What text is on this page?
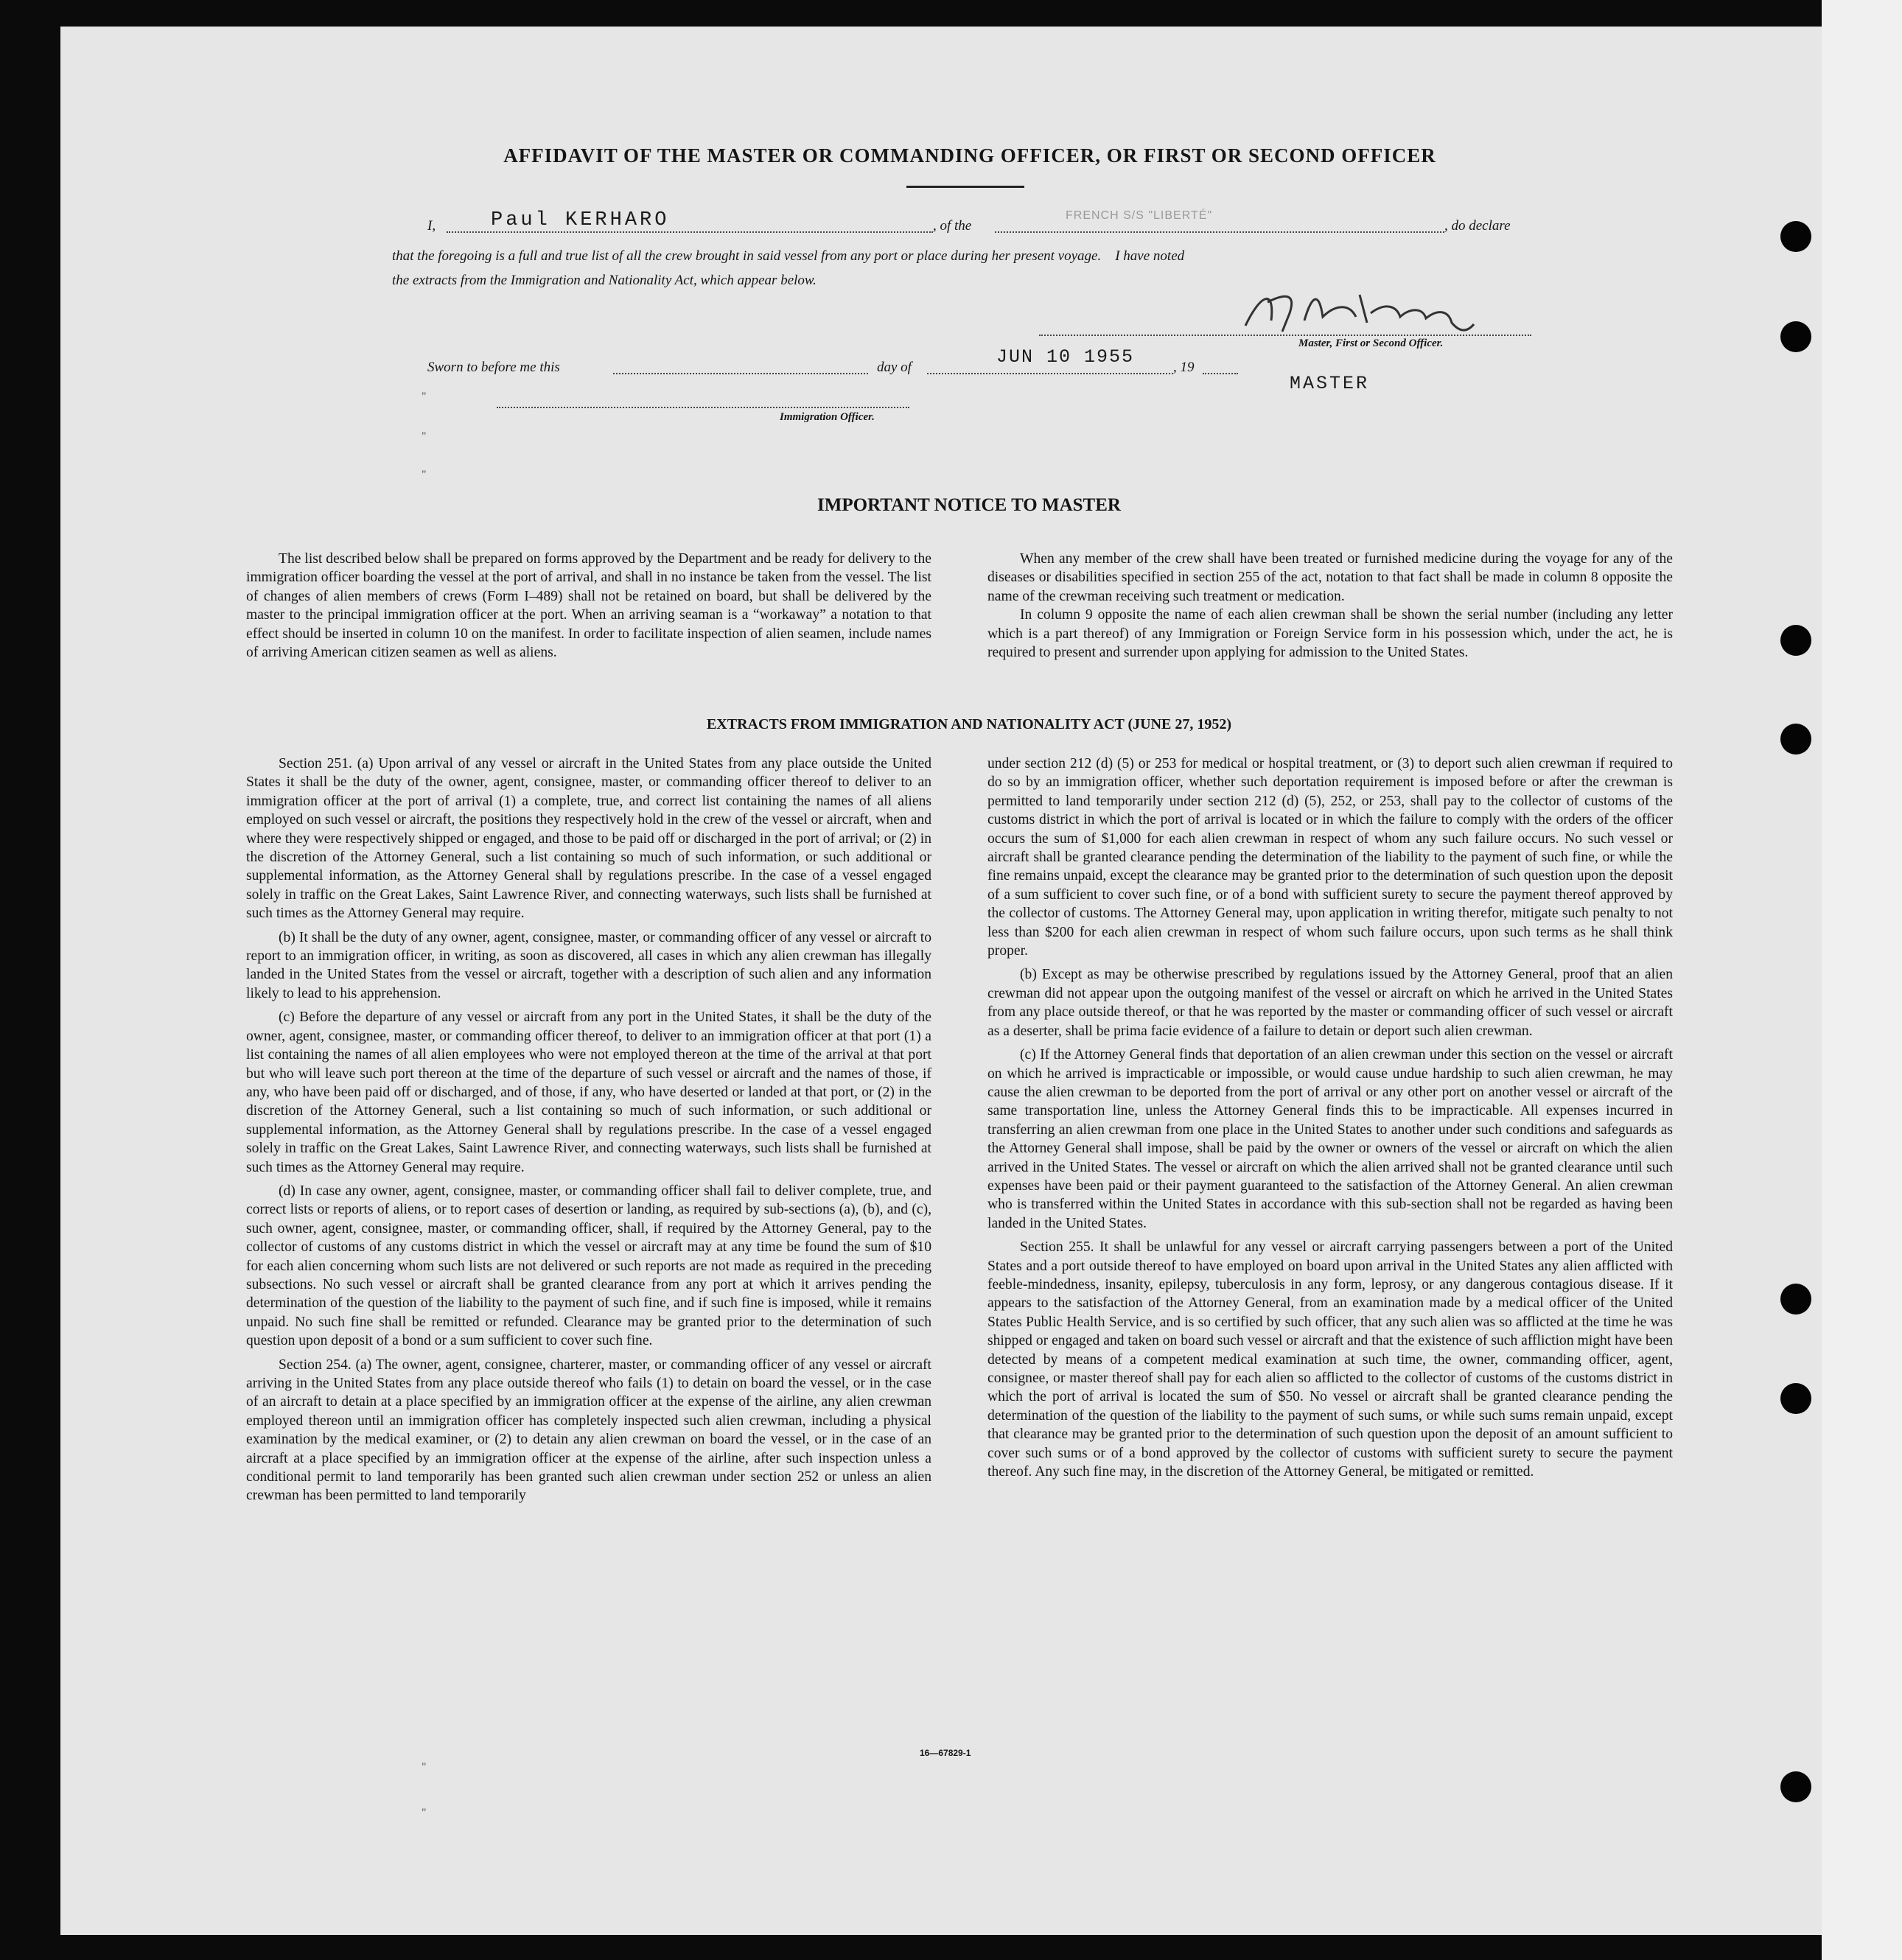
AFFIDAVIT OF THE MASTER OR COMMANDING OFFICER, OR FIRST OR SECOND OFFICER
I,	Paul KERHARO	, of the
FRENCH S/S "LIBERTÉ"
, do declare
that the foregoing is a full and true list of all the crew brought in said vessel from any port or place during her present voyage. I have noted
the extracts from the Immigration and Nationality Act, which appear below.
Master, First or Second Officer.
Sworn to before me this	day of	JUN 10 1955	, 19
MASTER
"
Immigration Officer.
"
"
IMPORTANT NOTICE TO MASTER

The list described below shall be prepared on forms approved by the Department and be ready for delivery to the immigration officer boarding the vessel at the port of arrival, and shall in no instance be taken from the vessel. The list of changes of alien members of crews (Form I–489) shall not be retained on board, but shall be delivered by the master to the principal immigration officer at the port. When an arriving seaman is a “workaway” a notation to that effect should be inserted in column 10 on the manifest. In order to facilitate inspection of alien seamen, include names of arriving American citizen seamen as well as aliens.

When any member of the crew shall have been treated or furnished medicine during the voyage for any of the diseases or disabilities specified in section 255 of the act, notation to that fact shall be made in column 8 opposite the name of the crewman receiving such treatment or medication.

In column 9 opposite the name of each alien crewman shall be shown the serial number (including any letter which is a part thereof) of any Immigration or Foreign Service form in his possession which, under the act, he is required to present and surrender upon applying for admission to the United States.

EXTRACTS FROM IMMIGRATION AND NATIONALITY ACT (JUNE 27, 1952)

Section 251. (a) Upon arrival of any vessel or aircraft in the United States from any place outside the United States it shall be the duty of the owner, agent, consignee, master, or commanding officer thereof to deliver to an immigration officer at the port of arrival (1) a complete, true, and correct list containing the names of all aliens employed on such vessel or aircraft, the positions they respectively hold in the crew of the vessel or aircraft, when and where they were respectively shipped or engaged, and those to be paid off or discharged in the port of arrival; or (2) in the discretion of the Attorney General, such a list containing so much of such information, or such additional or supplemental information, as the Attorney General shall by regulations prescribe. In the case of a vessel engaged solely in traffic on the Great Lakes, Saint Lawrence River, and connecting waterways, such lists shall be furnished at such times as the Attorney General may require.

(b) It shall be the duty of any owner, agent, consignee, master, or commanding officer of any vessel or aircraft to report to an immigration officer, in writing, as soon as discovered, all cases in which any alien crewman has illegally landed in the United States from the vessel or aircraft, together with a description of such alien and any information likely to lead to his apprehension.

(c) Before the departure of any vessel or aircraft from any port in the United States, it shall be the duty of the owner, agent, consignee, master, or commanding officer thereof, to deliver to an immigration officer at that port (1) a list containing the names of all alien employees who were not employed thereon at the time of the arrival at that port but who will leave such port thereon at the time of the departure of such vessel or aircraft and the names of those, if any, who have been paid off or discharged, and of those, if any, who have deserted or landed at that port, or (2) in the discretion of the Attorney General, such a list containing so much of such information, or such additional or supplemental information, as the Attorney General shall by regulations prescribe. In the case of a vessel engaged solely in traffic on the Great Lakes, Saint Lawrence River, and connecting waterways, such lists shall be furnished at such times as the Attorney General may require.

(d) In case any owner, agent, consignee, master, or commanding officer shall fail to deliver complete, true, and correct lists or reports of aliens, or to report cases of desertion or landing, as required by sub-sections (a), (b), and (c), such owner, agent, consignee, master, or commanding officer, shall, if required by the Attorney General, pay to the collector of customs of any customs district in which the vessel or aircraft may at any time be found the sum of $10 for each alien concerning whom such lists are not delivered or such reports are not made as required in the preceding subsections. No such vessel or aircraft shall be granted clearance from any port at which it arrives pending the determination of the question of the liability to the payment of such fine, and if such fine is imposed, while it remains unpaid. No such fine shall be remitted or refunded. Clearance may be granted prior to the determination of such question upon deposit of a bond or a sum sufficient to cover such fine.

Section 254. (a) The owner, agent, consignee, charterer, master, or commanding officer of any vessel or aircraft arriving in the United States from any place outside thereof who fails (1) to detain on board the vessel, or in the case of an aircraft to detain at a place specified by an immigration officer at the expense of the airline, any alien crewman employed thereon until an immigration officer has completely inspected such alien crewman, including a physical examination by the medical examiner, or (2) to detain any alien crewman on board the vessel, or in the case of an aircraft at a place specified by an immigration officer at the expense of the airline, after such inspection unless a conditional permit to land temporarily has been granted such alien crewman under section 252 or unless an alien crewman has been permitted to land temporarily

under section 212 (d) (5) or 253 for medical or hospital treatment, or (3) to deport such alien crewman if required to do so by an immigration officer, whether such deportation requirement is imposed before or after the crewman is permitted to land temporarily under section 212 (d) (5), 252, or 253, shall pay to the collector of customs of the customs district in which the port of arrival is located or in which the failure to comply with the orders of the officer occurs the sum of $1,000 for each alien crewman in respect of whom any such failure occurs. No such vessel or aircraft shall be granted clearance pending the determination of the liability to the payment of such fine, or while the fine remains unpaid, except the clearance may be granted prior to the determination of such question upon the deposit of a sum sufficient to cover such fine, or of a bond with sufficient surety to secure the payment thereof approved by the collector of customs. The Attorney General may, upon application in writing therefor, mitigate such penalty to not less than $200 for each alien crewman in respect of whom such failure occurs, upon such terms as he shall think proper.

(b) Except as may be otherwise prescribed by regulations issued by the Attorney General, proof that an alien crewman did not appear upon the outgoing manifest of the vessel or aircraft on which he arrived in the United States from any place outside thereof, or that he was reported by the master or commanding officer of such vessel or aircraft as a deserter, shall be prima facie evidence of a failure to detain or deport such alien crewman.

(c) If the Attorney General finds that deportation of an alien crewman under this section on the vessel or aircraft on which he arrived is impracticable or impossible, or would cause undue hardship to such alien crewman, he may cause the alien crewman to be deported from the port of arrival or any other port on another vessel or aircraft of the same transportation line, unless the Attorney General finds this to be impracticable. All expenses incurred in transferring an alien crewman from one place in the United States to another under such conditions and safeguards as the Attorney General shall impose, shall be paid by the owner or owners of the vessel or aircraft on which the alien arrived in the United States. The vessel or aircraft on which the alien arrived shall not be granted clearance until such expenses have been paid or their payment guaranteed to the satisfaction of the Attorney General. An alien crewman who is transferred within the United States in accordance with this sub-section shall not be regarded as having been landed in the United States.

Section 255. It shall be unlawful for any vessel or aircraft carrying passengers between a port of the United States and a port outside thereof to have employed on board upon arrival in the United States any alien afflicted with feeble-mindedness, insanity, epilepsy, tuberculosis in any form, leprosy, or any dangerous contagious disease. If it appears to the satisfaction of the Attorney General, from an examination made by a medical officer of the United States Public Health Service, and is so certified by such officer, that any such alien was so afflicted at the time he was shipped or engaged and taken on board such vessel or aircraft and that the existence of such affliction might have been detected by means of a competent medical examination at such time, the owner, commanding officer, agent, consignee, or master thereof shall pay for each alien so afflicted to the collector of customs of the customs district in which the port of arrival is located the sum of $50. No vessel or aircraft shall be granted clearance pending the determination of the question of the liability to the payment of such sums, or while such sums remain unpaid, except that clearance may be granted prior to the determination of such question upon the deposit of an amount sufficient to cover such sums or of a bond approved by the collector of customs with sufficient surety to secure the payment thereof. Any such fine may, in the discretion of the Attorney General, be mitigated or remitted.

"
16—67829-1
"
